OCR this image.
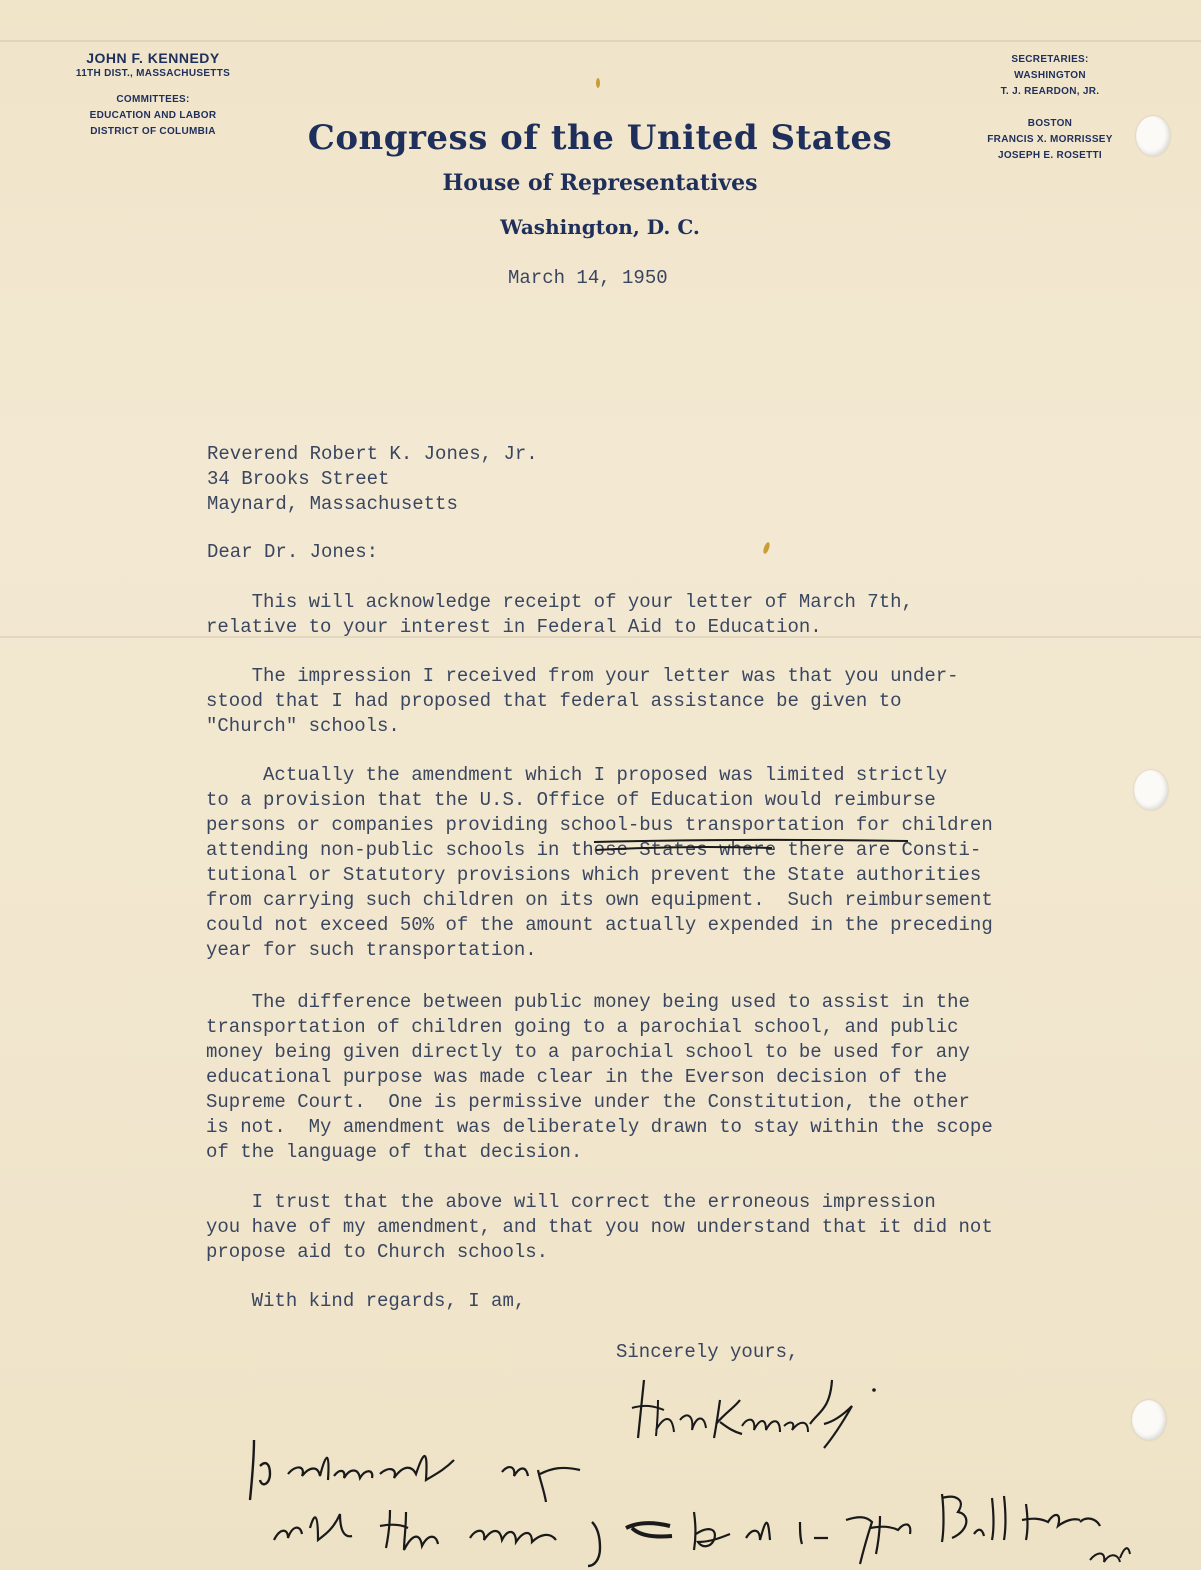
JOHN F. KENNEDY
11TH DIST., MASSACHUSETTS
COMMITTEES:
EDUCATION AND LABOR
DISTRICT OF COLUMBIA	Congress of the United States
House of Representatives
Washington, D. C.
SECRETARIES:
WASHINGTON
T. J. REARDON, JR.
BOSTON
FRANCIS X. MORRISSEY
JOSEPH E. ROSETTI
March 14, 1950
Reverend Robert K. Jones, Jr.
34 Brooks Street
Maynard, Massachusetts
Dear Dr. Jones:
This will acknowledge receipt of your letter of March 7th,
relative to your interest in Federal Aid to Education.
The impression I received from your letter was that you under-
stood that I had proposed that federal assistance be given to
"Church" schools.
Actually the amendment which I proposed was limited strictly
to a provision that the U.S. Office of Education would reimburse
persons or companies providing school-bus transportation for children
attending non-public schools in those States where there are Consti-
tutional or Statutory provisions which prevent the State authorities
from carrying such children on its own equipment.  Such reimbursement
could not exceed 50% of the amount actually expended in the preceding
year for such transportation.
The difference between public money being used to assist in the
transportation of children going to a parochial school, and public
money being given directly to a parochial school to be used for any
educational purpose was made clear in the Everson decision of the
Supreme Court.  One is permissive under the Constitution, the other
is not.  My amendment was deliberately drawn to stay within the scope
of the language of that decision.
I trust that the above will correct the erroneous impression
you have of my amendment, and that you now understand that it did not
propose aid to Church schools.
With kind regards, I am,
Sincerely yours,
